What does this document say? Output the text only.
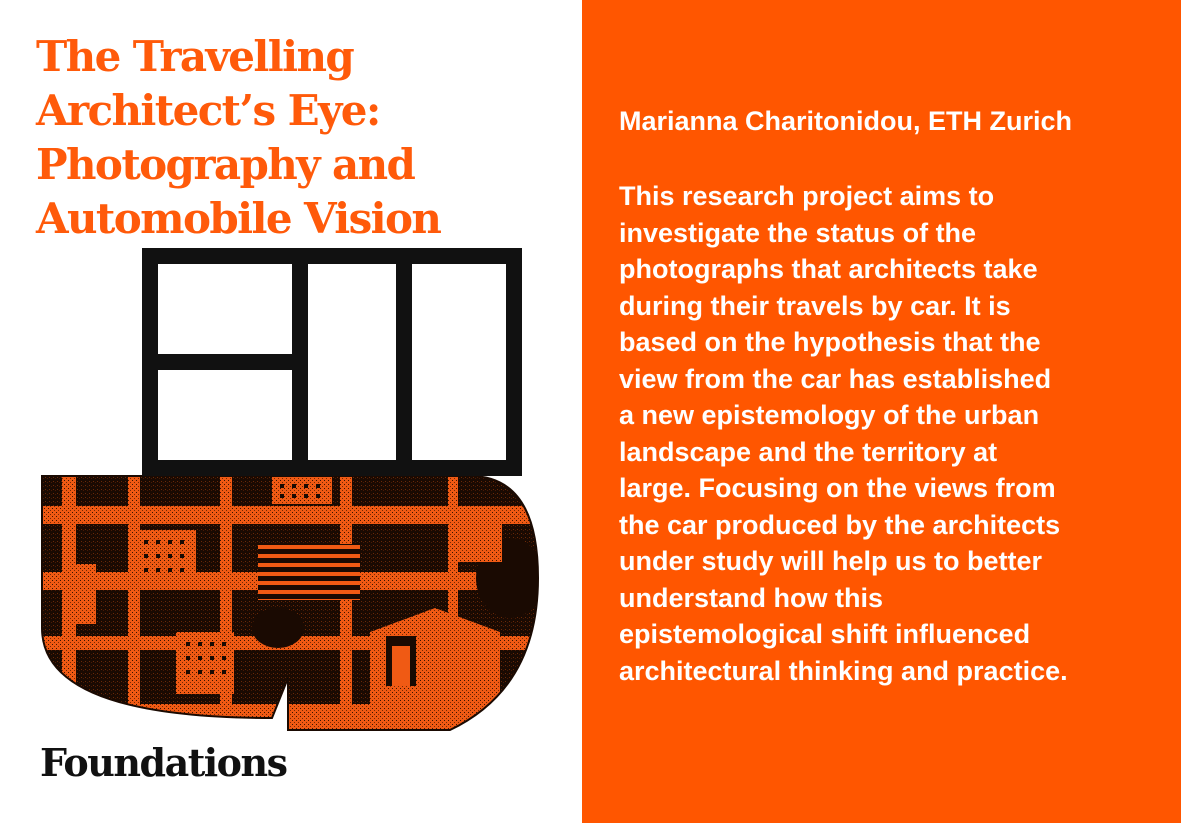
The Travelling
Architect’s Eye:
Photography and
Automobile Vision

Foundations

Marianna Charitonidou, ETH Zurich

This research project aims to
investigate the status of the
photographs that architects take
during their travels by car. It is
based on the hypothesis that the
view from the car has established
a new epistemology of the urban
landscape and the territory at
large. Focusing on the views from
the car produced by the architects
under study will help us to better
understand how this
epistemological shift influenced
architectural thinking and practice.
